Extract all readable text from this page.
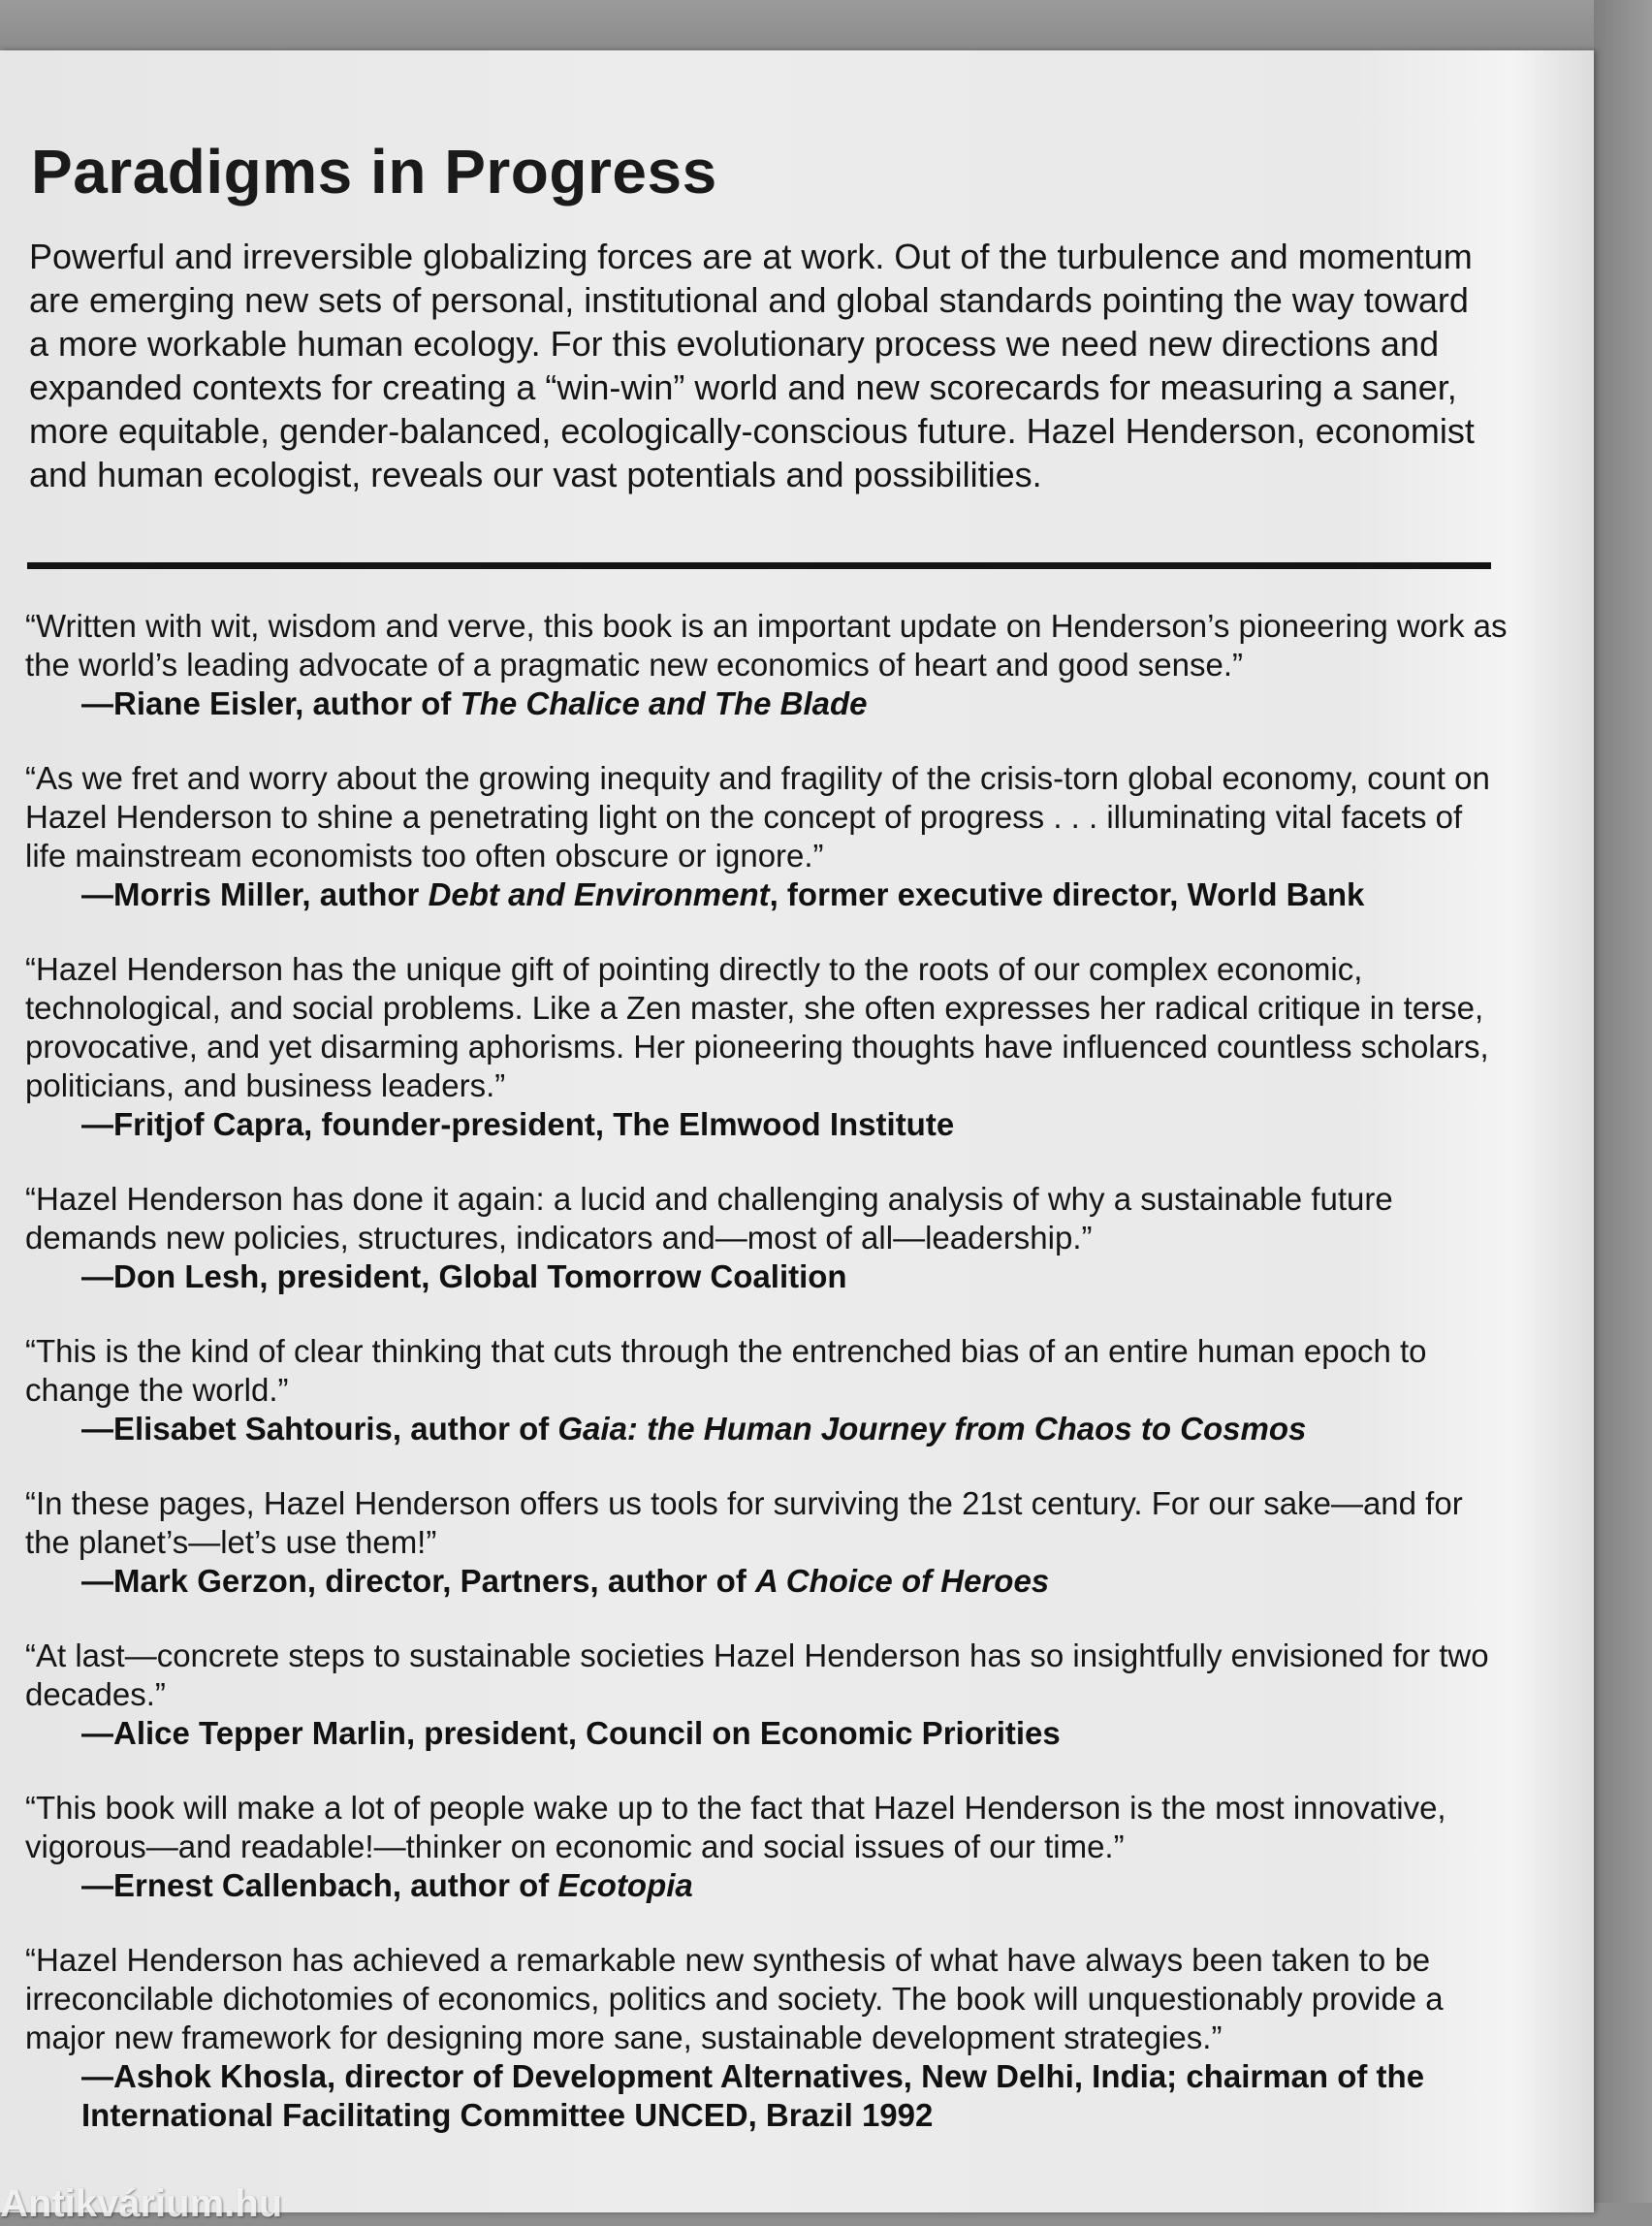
Paradigms in Progress

Powerful and irreversible globalizing forces are at work. Out of the turbulence and momentum are emerging new sets of personal, institutional and global standards pointing the way toward a more workable human ecology. For this evolutionary process we need new directions and expanded contexts for creating a “win-win” world and new scorecards for measuring a saner, more equitable, gender-balanced, ecologically-conscious future. Hazel Henderson, economist and human ecologist, reveals our vast potentials and possibilities.

“Written with wit, wisdom and verve, this book is an important update on Henderson’s pioneering work as the world’s leading advocate of a pragmatic new economics of heart and good sense.”

—Riane Eisler, author of The Chalice and The Blade

“As we fret and worry about the growing inequity and fragility of the crisis-torn global economy, count on Hazel Henderson to shine a penetrating light on the concept of progress . . . illuminating vital facets of life mainstream economists too often obscure or ignore.”

—Morris Miller, author Debt and Environment, former executive director, World Bank

“Hazel Henderson has the unique gift of pointing directly to the roots of our complex economic, technological, and social problems. Like a Zen master, she often expresses her radical critique in terse, provocative, and yet disarming aphorisms. Her pioneering thoughts have influenced countless scholars, politicians, and business leaders.”

—Fritjof Capra, founder-president, The Elmwood Institute

“Hazel Henderson has done it again: a lucid and challenging analysis of why a sustainable future demands new policies, structures, indicators and—most of all—leadership.”

—Don Lesh, president, Global Tomorrow Coalition

“This is the kind of clear thinking that cuts through the entrenched bias of an entire human epoch to change the world.”

—Elisabet Sahtouris, author of Gaia: the Human Journey from Chaos to Cosmos

“In these pages, Hazel Henderson offers us tools for surviving the 21st century. For our sake—and for the planet’s—let’s use them!”

—Mark Gerzon, director, Partners, author of A Choice of Heroes

“At last—concrete steps to sustainable societies Hazel Henderson has so insightfully envisioned for two decades.”

—Alice Tepper Marlin, president, Council on Economic Priorities

“This book will make a lot of people wake up to the fact that Hazel Henderson is the most innovative, vigorous—and readable!—thinker on economic and social issues of our time.”

—Ernest Callenbach, author of Ecotopia

“Hazel Henderson has achieved a remarkable new synthesis of what have always been taken to be irreconcilable dichotomies of economics, politics and society. The book will unquestionably provide a major new framework for designing more sane, sustainable development strategies.”

—Ashok Khosla, director of Development Alternatives, New Delhi, India; chairman of the International Facilitating Committee UNCED, Brazil 1992

Antikvárium.hu
